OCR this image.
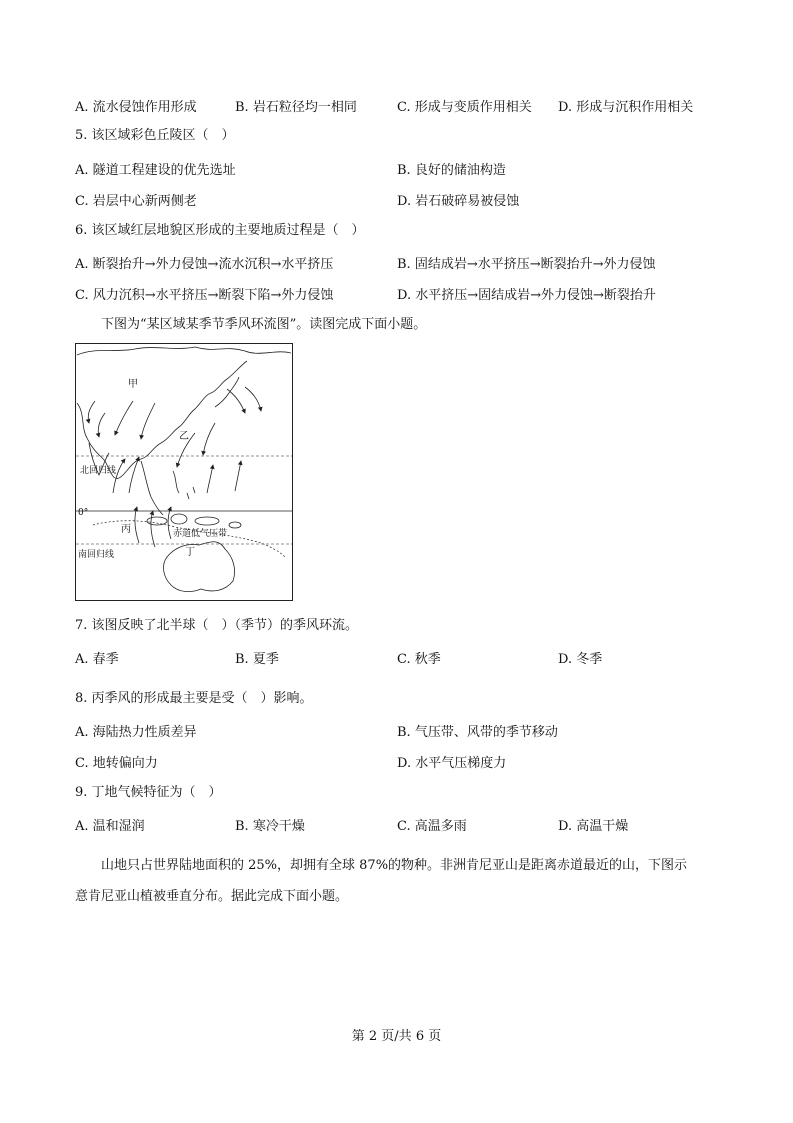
A. 流水侵蚀作用形成	B. 岩石粒径均一相同	C. 形成与变质作用相关 D. 形成与沉积作用相关
5. 该区域彩色丘陵区（　）
A. 隧道工程建设的优先选址	B. 良好的储油构造
C. 岩层中心新两侧老	D. 岩石破碎易被侵蚀
6. 该区域红层地貌区形成的主要地质过程是（　）
A. 断裂抬升→外力侵蚀→流水沉积→水平挤压	B. 固结成岩→水平挤压→断裂抬升→外力侵蚀
C. 风力沉积→水平挤压→断裂下陷→外力侵蚀	D. 水平挤压→固结成岩→外力侵蚀→断裂抬升
下图为“某区域某季节季风环流图”。读图完成下面小题。
甲
乙
北回归线
0°
丙	赤道低气压带
南回归线	丁
7. 该图反映了北半球（　）（季节）的季风环流。
A. 春季	B. 夏季	C. 秋季	D. 冬季
8. 丙季风的形成最主要是受（　）影响。
A. 海陆热力性质差异	B. 气压带、风带的季节移动
C. 地转偏向力	D. 水平气压梯度力
9. 丁地气候特征为（　）
A. 温和湿润	B. 寒冷干燥	C. 高温多雨	D. 高温干燥
山地只占世界陆地面积的 25%，却拥有全球 87%的物种。非洲肯尼亚山是距离赤道最近的山，下图示
意肯尼亚山植被垂直分布。据此完成下面小题。
第 2 页/共 6 页
